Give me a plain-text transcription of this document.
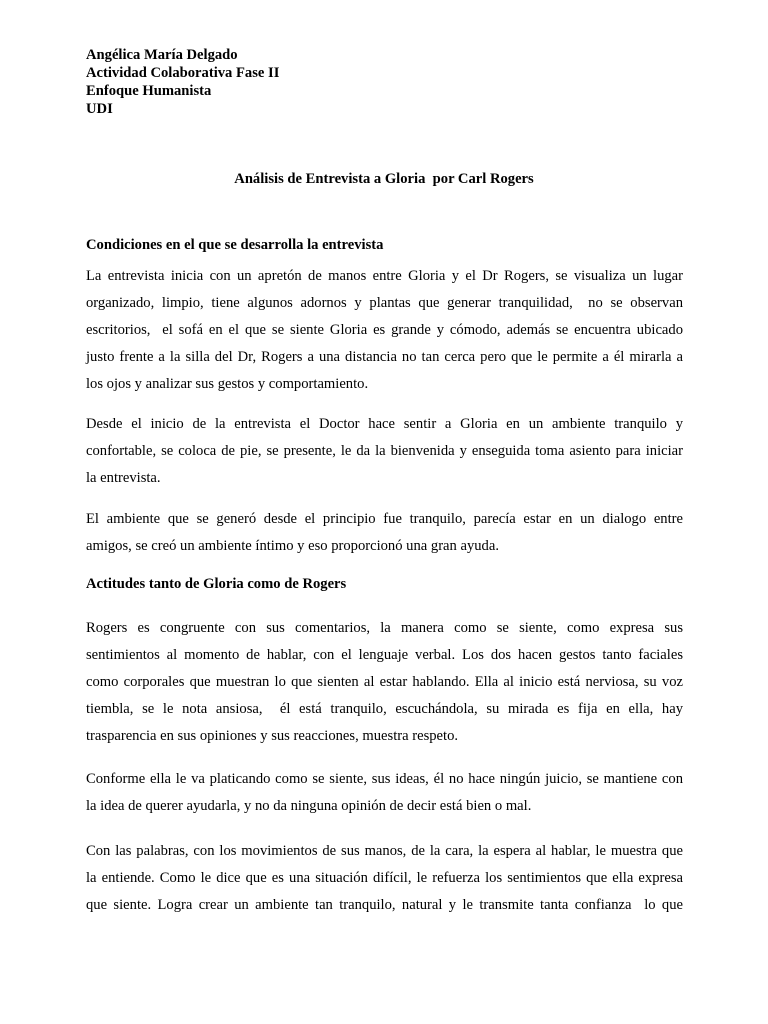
Angélica María Delgado
Actividad Colaborativa Fase II
Enfoque Humanista
UDI
Análisis de Entrevista a Gloria  por Carl Rogers
Condiciones en el que se desarrolla la entrevista
La entrevista inicia con un apretón de manos entre Gloria y el Dr Rogers, se visualiza un lugar
organizado, limpio, tiene algunos adornos y plantas que generar tranquilidad,  no se observan
escritorios,  el sofá en el que se siente Gloria es grande y cómodo, además se encuentra ubicado
justo frente a la silla del Dr, Rogers a una distancia no tan cerca pero que le permite a él mirarla a
los ojos y analizar sus gestos y comportamiento.
Desde el inicio de la entrevista el Doctor hace sentir a Gloria en un ambiente tranquilo y
confortable, se coloca de pie, se presente, le da la bienvenida y enseguida toma asiento para iniciar
la entrevista.
El ambiente que se generó desde el principio fue tranquilo, parecía estar en un dialogo entre
amigos, se creó un ambiente íntimo y eso proporcionó una gran ayuda.
Actitudes tanto de Gloria como de Rogers
Rogers es congruente con sus comentarios, la manera como se siente, como expresa sus
sentimientos al momento de hablar, con el lenguaje verbal. Los dos hacen gestos tanto faciales
como corporales que muestran lo que sienten al estar hablando. Ella al inicio está nerviosa, su voz
tiembla, se le nota ansiosa,  él está tranquilo, escuchándola, su mirada es fija en ella, hay
trasparencia en sus opiniones y sus reacciones, muestra respeto.
Conforme ella le va platicando como se siente, sus ideas, él no hace ningún juicio, se mantiene con
la idea de querer ayudarla, y no da ninguna opinión de decir está bien o mal.
Con las palabras, con los movimientos de sus manos, de la cara, la espera al hablar, le muestra que
la entiende. Como le dice que es una situación difícil, le refuerza los sentimientos que ella expresa
que siente. Logra crear un ambiente tan tranquilo, natural y le transmite tanta confianza  lo que
